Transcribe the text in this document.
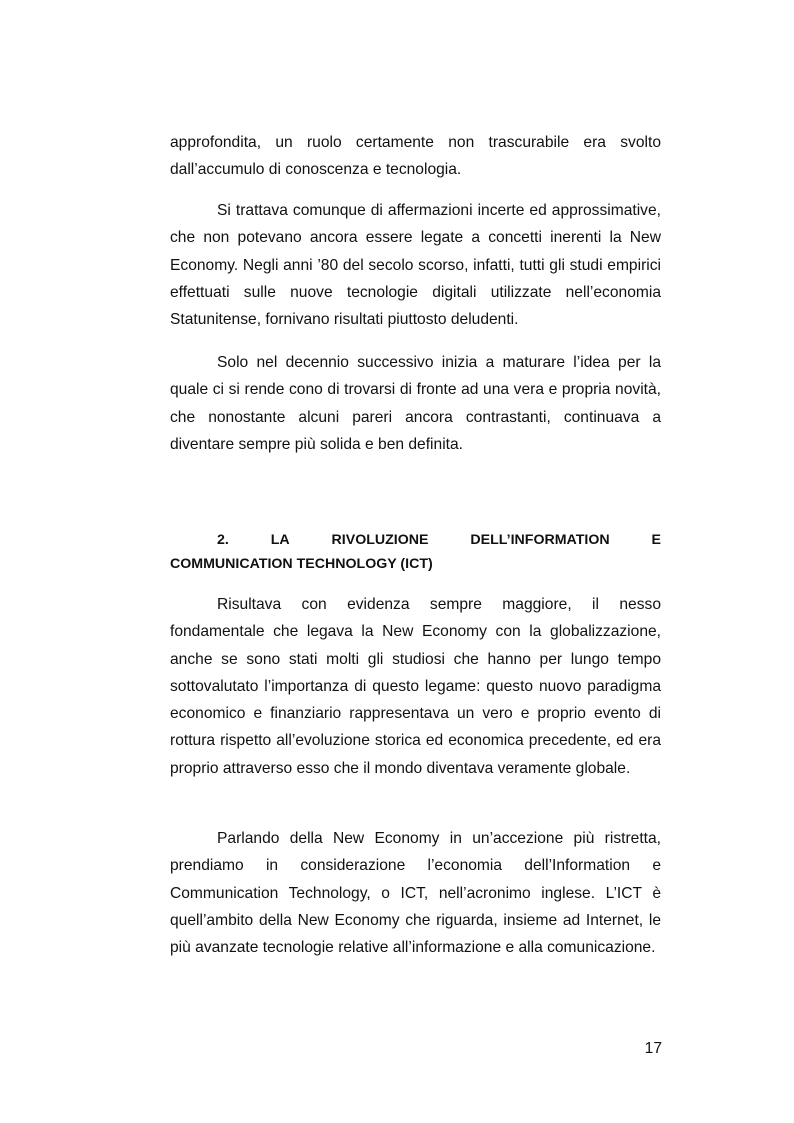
approfondita, un ruolo certamente non trascurabile era svolto dall’accumulo di conoscenza e tecnologia.

Si trattava comunque di affermazioni incerte ed approssimative, che non potevano ancora essere legate a concetti inerenti la New Economy. Negli anni ’80 del secolo scorso, infatti, tutti gli studi empirici effettuati sulle nuove tecnologie digitali utilizzate nell’economia Statunitense, fornivano risultati piuttosto deludenti.

Solo nel decennio successivo inizia a maturare l’idea per la quale ci si rende cono di trovarsi di fronte ad una vera e propria novità, che nonostante alcuni pareri ancora contrastanti, continuava a diventare sempre più solida e ben definita.

2.	LA	RIVOLUZIONE	DELL’INFORMATION	E
COMMUNICATION TECHNOLOGY (ICT)

Risultava con evidenza sempre maggiore, il nesso fondamentale che legava la New Economy con la globalizzazione, anche se sono stati molti gli studiosi che hanno per lungo tempo sottovalutato l’importanza di questo legame: questo nuovo paradigma economico e finanziario rappresentava un vero e proprio evento di rottura rispetto all’evoluzione storica ed economica precedente, ed era proprio attraverso esso che il mondo diventava veramente globale.

Parlando della New Economy in un’accezione più ristretta, prendiamo in considerazione l’economia dell’Information e Communication Technology, o ICT, nell’acronimo inglese. L’ICT è quell’ambito della New Economy che riguarda, insieme ad Internet, le più avanzate tecnologie relative all’informazione e alla comunicazione.

17
